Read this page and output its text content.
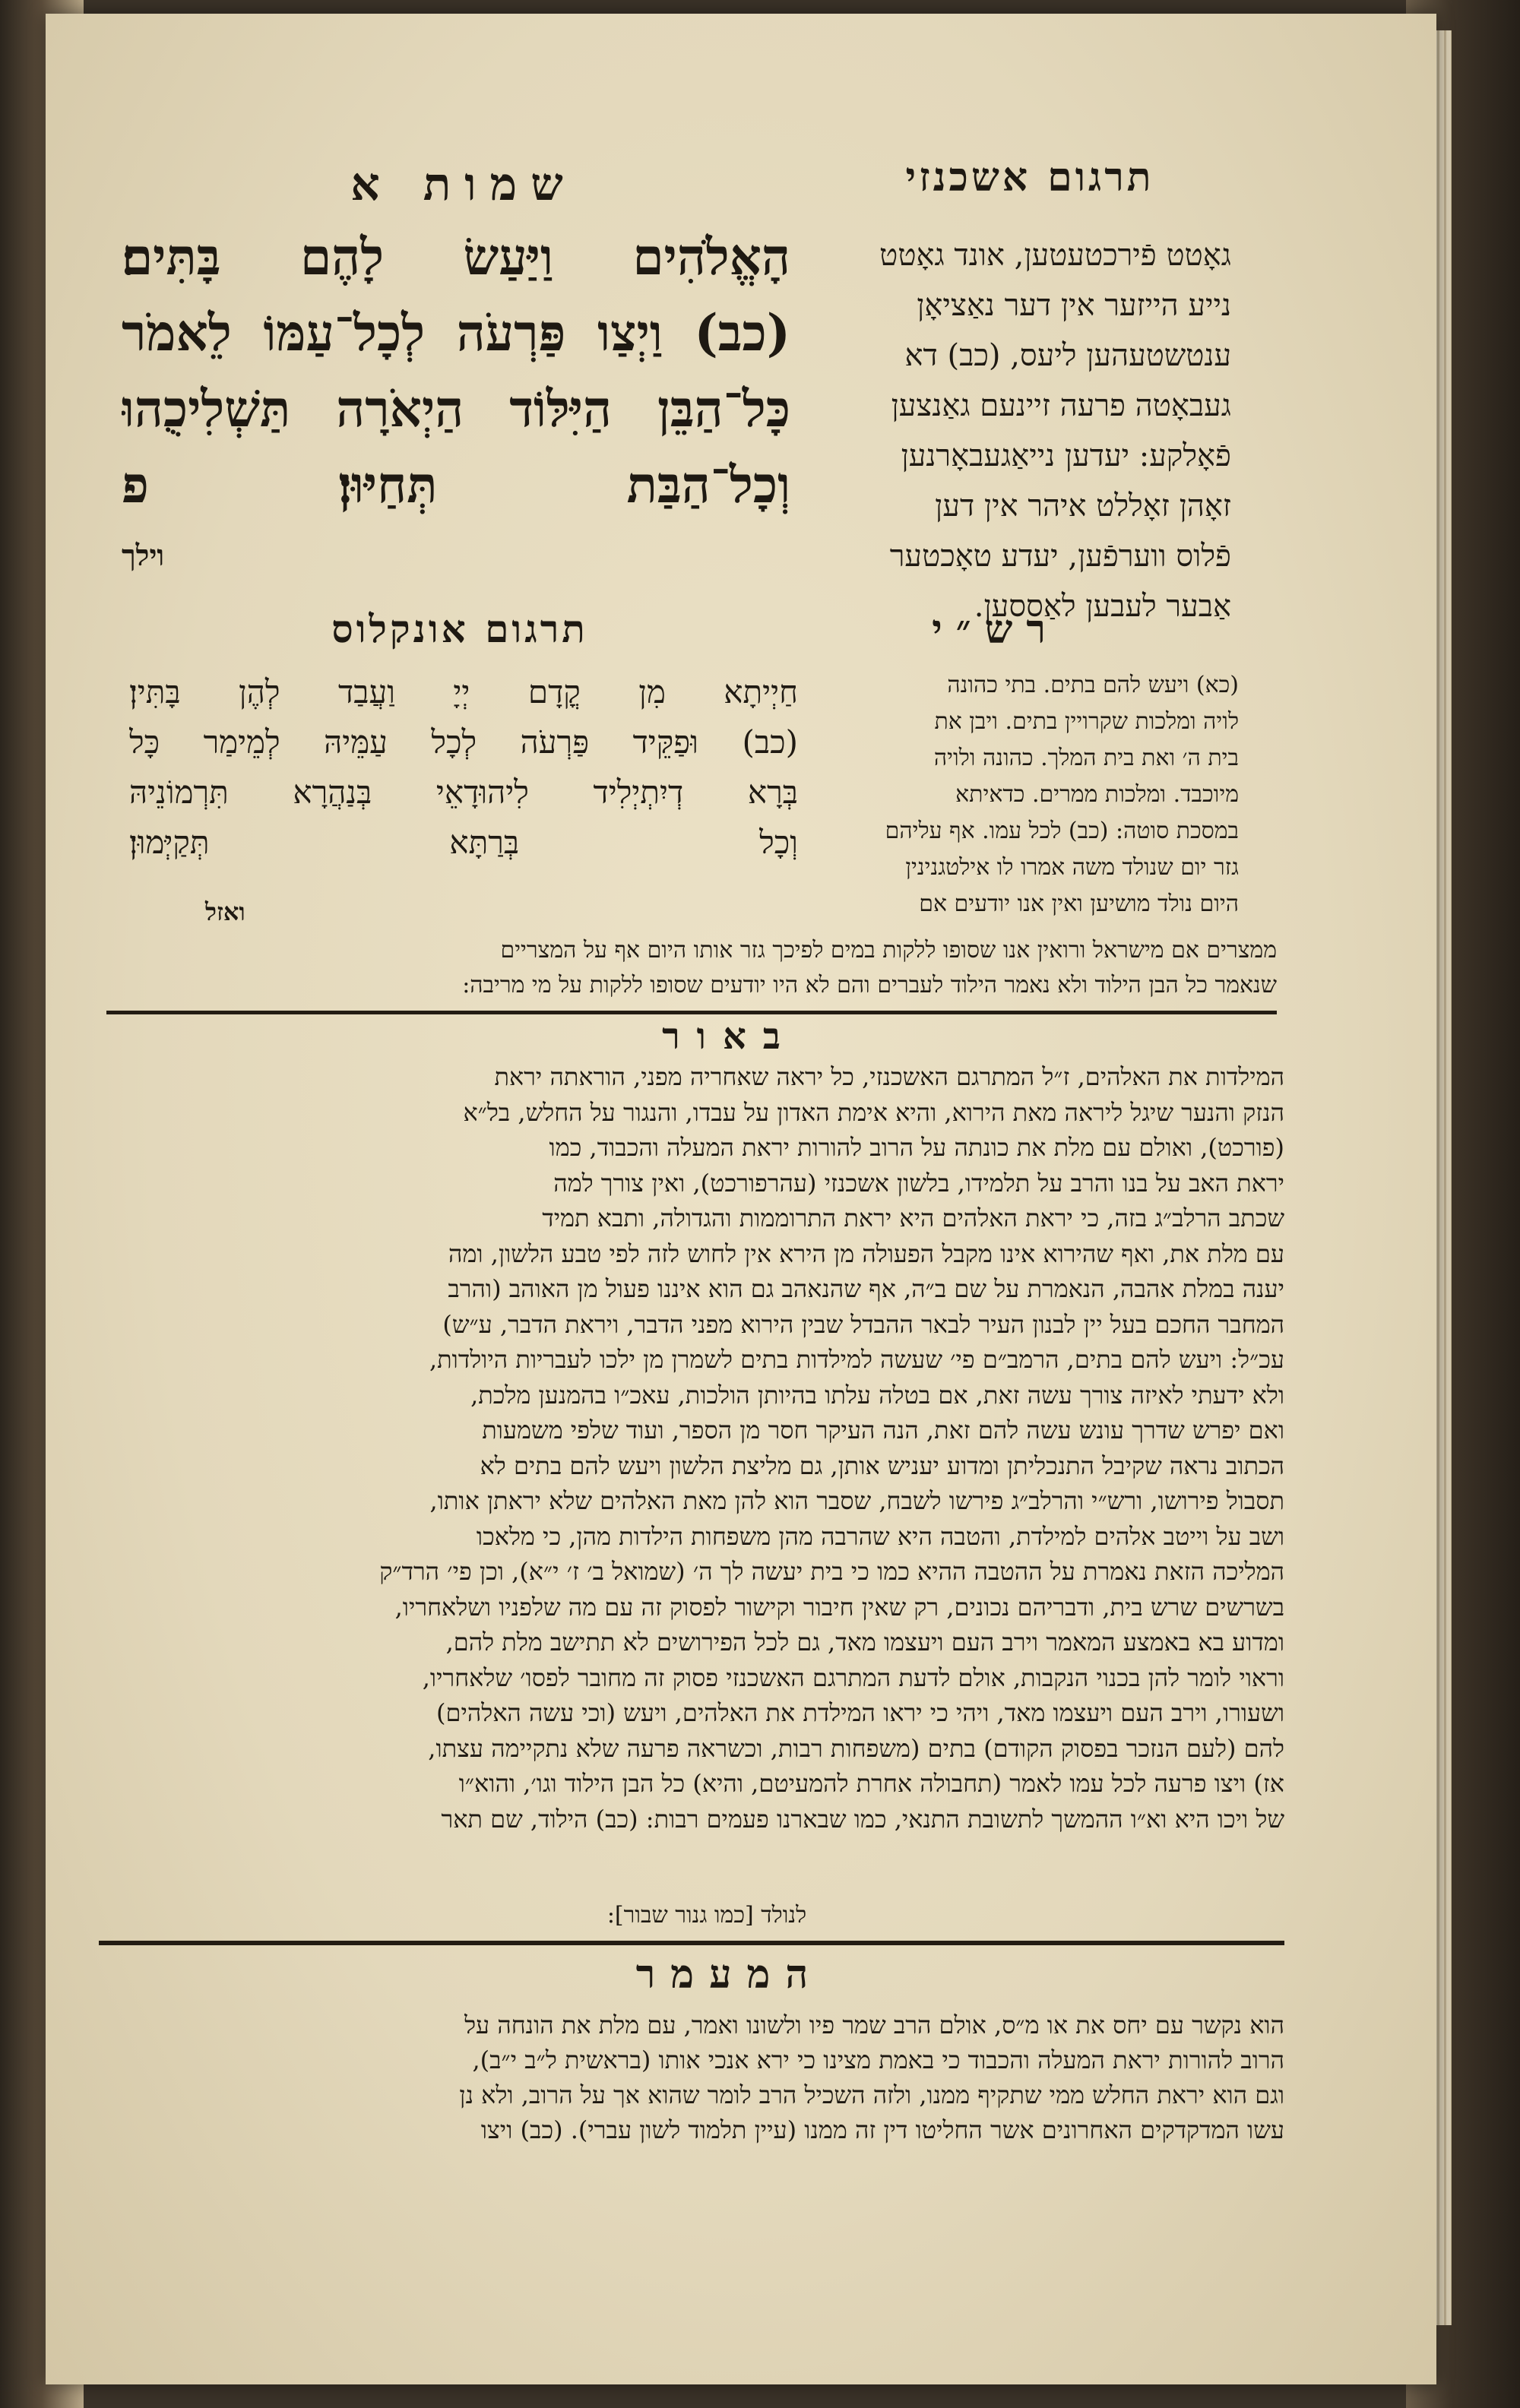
תרגום אשכנזי
גאָטט פֿירכטעטען, אונד גאָטט
נייע הייזער אין דער נאַציאָן
ענטשטעהען ליעס, (כב) דא
געבאָטה פרעה זיינעם גאַנצען
פֿאָלקע: יעדען נייאַגעבאָרנען
זאָהן זאָללט איהר אין דען
פֿלוס ווערפֿען, יעדע טאָכטער
אַבער לעבען לאַססען.
שמות א
הָאֱלֹהִים וַיַּעַשׂ לָהֶם בָּתִּים׃
(כב) וַיְצַו פַּרְעֹה לְכָל־עַמּוֹ לֵאמֹר
כָּל־הַבֵּן הַיִּלּוֹד הַיְאֹרָה תַּשְׁלִיכֻהוּ
וְכָל־הַבַּת תְּחַיּוּן׃ פ
וילך
תרגום אונקלוס
חַיְיתָא מִן קֳדָם יְיָ וַעֲבַד לְהֶן בָּתִּין׃
(כב) וּפַקֵּיד פַּרְעֹה לְכָל עַמֵּיהּ לְמֵימַר כָּל
בְּרָא דְיִתְיְלִיד לִיהוּדָאֵי בְּנַהֲרָא תִּרְמוֹנֵיהּ
וְכָל בְּרַתָּא תְּקַיְּמוּן׃
רש״י
(כא) ויעש להם בתים. בתי כהונה
לויה ומלכות שקרויין בתים. ויבן את
בית ה׳ ואת בית המלך. כהונה ולויה
מיוכבד. ומלכות ממרים. כדאיתא
במסכת סוטה: (כב) לכל עמו. אף עליהם
גזר יום שנולד משה אמרו לו אילטגנינין
היום נולד מושיען ואין אנו יודעים אם
ואזל
ממצרים אם מישראל ורואין אנו שסופו ללקות במים לפיכך גזר אותו היום אף על המצריים
שנאמר כל הבן הילוד ולא נאמר הילוד לעברים והם לא היו יודעים שסופו ללקות על מי מריבה:
באור
המילדות את האלהים, ז״ל המתרגם האשכנזי, כל יראה שאחריה מפני, הוראתה יראת
הנזק והנער שיגל ליראה מאת הירוא, והיא אימת האדון על עבדו, והנגור על החלש, בל״א
(פורכט), ואולם עם מלת את כונתה על הרוב להורות יראת המעלה והכבוד, כמו
יראת האב על בנו והרב על תלמידו, בלשון אשכנזי (עהרפורכט), ואין צורך למה
שכתב הרלב״ג בזה, כי יראת האלהים היא יראת התרוממות והגדולה, ותבא תמיד
עם מלת את, ואף שהירוא אינו מקבל הפעולה מן הירא אין לחוש לזה לפי טבע הלשון, ומה
יענה במלת אהבה, הנאמרת על שם ב״ה, אף שהנאהב גם הוא איננו פעול מן האוהב (והרב
המחבר החכם בעל יין לבנון העיר לבאר ההבדל שבין הירוא מפני הדבר, ויראת הדבר, ע״ש)
עכ״ל: ויעש להם בתים, הרמב״ם פי׳ שעשה למילדות בתים לשמרן מן ילכו לעבריות היולדות,
ולא ידעתי לאיזה צורך עשה זאת, אם בטלה עלתו בהיותן הולכות, עאכ״ו בהמנען מלכת,
ואם יפרש שדרך עונש עשה להם זאת, הנה העיקר חסר מן הספר, ועוד שלפי משמעות
הכתוב נראה שקיבל התנכליתן ומדוע יעניש אותן, גם מליצת הלשון ויעש להם בתים לא
תסבול פירושו, ורש״י והרלב״ג פירשו לשבח, שסבר הוא להן מאת האלהים שלא יראתן אותו,
ושב על וייטב אלהים למילדת, והטבה היא שהרבה מהן משפחות הילדות מהן, כי מלאכו
המליכה הזאת נאמרת על ההטבה ההיא כמו כי בית יעשה לך ה׳ (שמואל ב׳ ז׳ י״א), וכן פי׳ הרד״ק
בשרשים שרש בית, ודבריהם נכונים, רק שאין חיבור וקישור לפסוק זה עם מה שלפניו ושלאחריו,
ומדוע בא באמצע המאמר וירב העם ויעצמו מאד, גם לכל הפירושים לא תתישב מלת להם,
וראוי לומר להן בכנוי הנקבות, אולם לדעת המתרגם האשכנזי פסוק זה מחובר לפסו׳ שלאחריו,
ושעורו, וירב העם ויעצמו מאד, ויהי כי יראו המילדת את האלהים, ויעש (וכי עשה האלהים)
להם (לעם הנזכר בפסוק הקודם) בתים (משפחות רבות, וכשראה פרעה שלא נתקיימה עצתו,
אז) ויצו פרעה לכל עמו לאמר (תחבולה אחרת להמעיטם, והיא) כל הבן הילוד וגו׳, והוא״ו
של ויכו היא וא״ו ההמשך לתשובת התנאי, כמו שבארנו פעמים רבות: (כב) הילוד, שם תאר
לנולד [כמו גנור שבור]:
המעמר
הוא נקשר עם יחס את או מ״ס, אולם הרב שמר פיו ולשונו ואמר, עם מלת את הונחה על
הרוב להורות יראת המעלה והכבוד כי באמת מצינו כי ירא אנכי אותו (בראשית ל״ב י״ב),
וגם הוא יראת החלש ממי שתקיף ממנו, ולזה השכיל הרב לומר שהוא אך על הרוב, ולא נן
עשו המדקדקים האחרונים אשר החליטו דין זה ממנו (עיין תלמוד לשון עברי). (כב) ויצו
